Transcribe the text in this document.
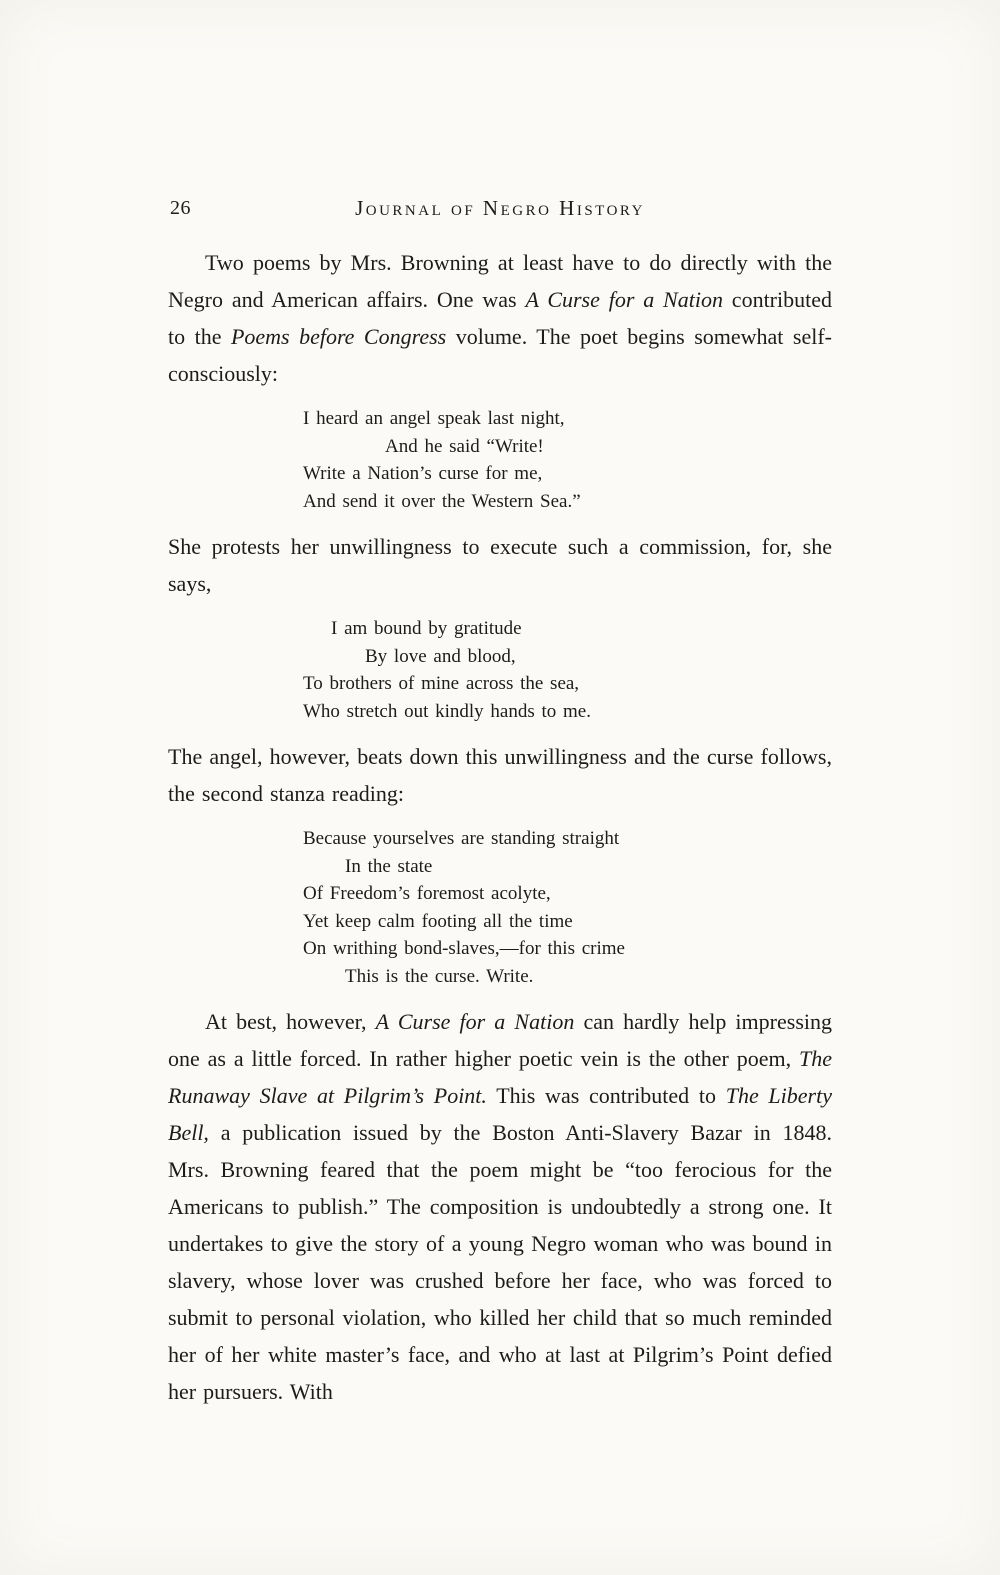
26	Journal of Negro History

Two poems by Mrs. Browning at least have to do directly with the Negro and American affairs. One was A Curse for a Nation contributed to the Poems before Congress volume. The poet begins somewhat self-consciously:

I heard an angel speak last night,
And he said “Write!
Write a Nation’s curse for me,
And send it over the Western Sea.”

She protests her unwillingness to execute such a commission, for, she says,

I am bound by gratitude
By love and blood,
To brothers of mine across the sea,
Who stretch out kindly hands to me.

The angel, however, beats down this unwillingness and the curse follows, the second stanza reading:

Because yourselves are standing straight
In the state
Of Freedom’s foremost acolyte,
Yet keep calm footing all the time
On writhing bond-slaves,—for this crime
This is the curse. Write.

At best, however, A Curse for a Nation can hardly help impressing one as a little forced. In rather higher poetic vein is the other poem, The Runaway Slave at Pilgrim’s Point. This was contributed to The Liberty Bell, a publication issued by the Boston Anti-Slavery Bazar in 1848. Mrs. Browning feared that the poem might be “too ferocious for the Americans to publish.” The composition is undoubtedly a strong one. It undertakes to give the story of a young Negro woman who was bound in slavery, whose lover was crushed before her face, who was forced to submit to personal violation, who killed her child that so much reminded her of her white master’s face, and who at last at Pilgrim’s Point defied her pursuers. With
